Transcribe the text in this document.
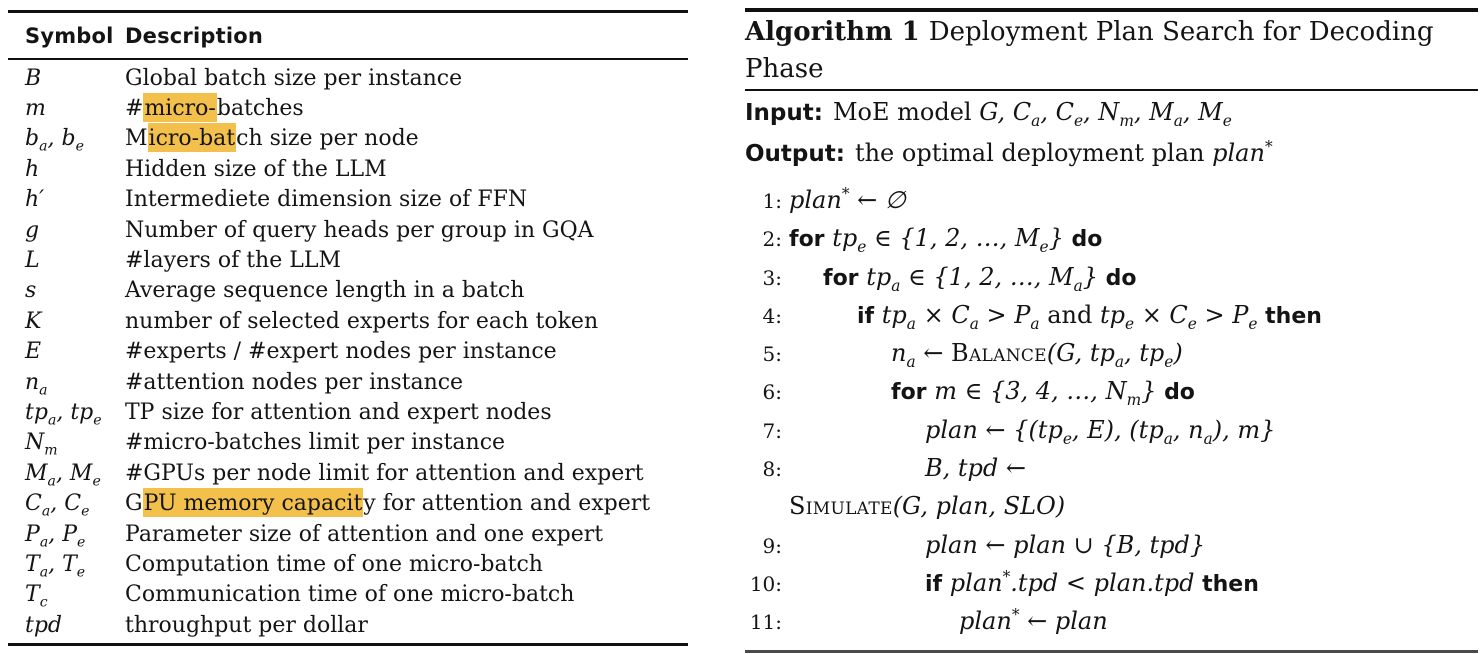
Symbol Description
B	Global batch size per instance
m	#micro-batches
$b_a$, $b_e$	Micro-batch size per node
h	Hidden size of the LLM
h′	Intermediete dimension size of FFN
g	Number of query heads per group in GQA
L	#layers of the LLM
s	Average sequence length in a batch
K	number of selected experts for each token
E	#experts / #expert nodes per instance
$n_a$	#attention nodes per instance
$tp_a$, $tp_e$	TP size for attention and expert nodes
$N_m$	#micro-batches limit per instance
$M_a$, $M_e$	#GPUs per node limit for attention and expert
$C_a$, $C_e$	GPU memory capacity for attention and expert
$P_a$, $P_e$	Parameter size of attention and one expert
$T_a$, $T_e$	Computation time of one micro-batch
$T_c$	Communication time of one micro-batch
tpd	throughput per dollar
Algorithm 1 Deployment Plan Search for Decoding
Phase
Input: MoE model G, $C_a$, $C_e$, $N_m$, $M_a$, $M_e$
Output: the optimal deployment plan plan*
1: plan* ← ∅
2: for $tp_e$ ∈ {1, 2, …, $M_e$} do
3: for $tp_a$ ∈ {1, 2, …, $M_a$} do
4:	if $tp_a \times C_a > P_a$ and $tp_e \times C_e > P_e$ then
5:	$n_a$ ← Balance(G, $tp_a$, $tp_e$)
6:	for m ∈ {3, 4, …, $N_m$} do
7:	plan ← {($tp_e$, E), ($tp_a$, $n_a$), m}
8:	B, tpd ←
Simulate(G, plan, SLO)
9:	plan ← plan ∪ {B, tpd}
10:	if plan*.tpd < plan.tpd then
11:	plan* ← plan
